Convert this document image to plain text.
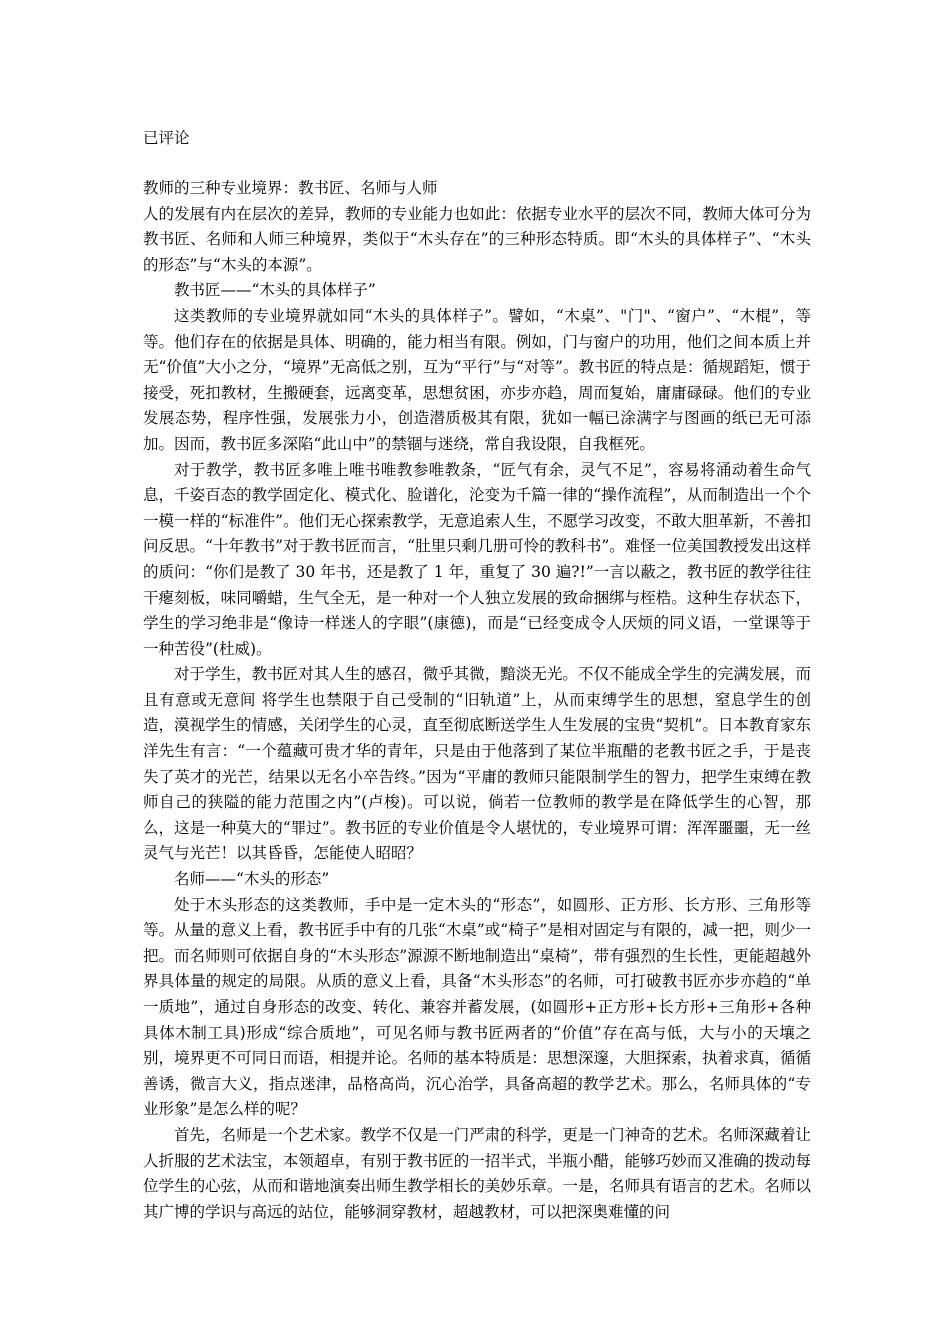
已评论

教师的三种专业境界：教书匠、名师与人师

人的发展有内在层次的差异，教师的专业能力也如此：依据专业水平的层次不同，教师大体可分为教书匠、名师和人师三种境界，类似于“木头存在”的三种形态特质。即“木头的具体样子”、“木头的形态”与“木头的本源”。

教书匠——“木头的具体样子”

这类教师的专业境界就如同“木头的具体样子”。譬如，“木桌”、"门"、“窗户”、“木棍”，等等。他们存在的依据是具体、明确的，能力相当有限。例如，门与窗户的功用，他们之间本质上并无“价值”大小之分，“境界”无高低之别，互为“平行”与“对等”。教书匠的特点是：循规蹈矩，惯于接受，死扣教材，生搬硬套，远离变革，思想贫困，亦步亦趋，周而复始，庸庸碌碌。他们的专业发展态势，程序性强，发展张力小，创造潜质极其有限，犹如一幅已涂满字与图画的纸已无可添加。因而，教书匠多深陷“此山中”的禁锢与迷绕，常自我设限，自我框死。

对于教学，教书匠多唯上唯书唯教参唯教条，“匠气有余，灵气不足”，容易将涌动着生命气息，千姿百态的教学固定化、模式化、脸谱化，沦变为千篇一律的“操作流程”，从而制造出一个个一模一样的“标准件”。他们无心探索教学，无意追索人生，不愿学习改变，不敢大胆革新，不善扣问反思。“十年教书”对于教书匠而言，“肚里只剩几册可怜的教科书”。难怪一位美国教授发出这样的质问：“你们是教了 30 年书，还是教了 1 年，重复了 30 遍?!”一言以蔽之，教书匠的教学往往干瘪刻板，味同嚼蜡，生气全无，是一种对一个人独立发展的致命捆绑与桎梏。这种生存状态下，学生的学习绝非是“像诗一样迷人的字眼”(康德)，而是“已经变成令人厌烦的同义语，一堂课等于一种苦役”(杜威)。

对于学生，教书匠对其人生的感召，微乎其微，黯淡无光。不仅不能成全学生的完满发展，而且有意或无意间 将学生也禁限于自己受制的“旧轨道”上，从而束缚学生的思想，窒息学生的创造，漠视学生的情感，关闭学生的心灵，直至彻底断送学生人生发展的宝贵“契机”。日本教育家东洋先生有言：“一个蕴藏可贵才华的青年，只是由于他落到了某位半瓶醋的老教书匠之手，于是丧失了英才的光芒，结果以无名小卒告终。”因为“平庸的教师只能限制学生的智力，把学生束缚在教师自己的狭隘的能力范围之内”(卢梭)。可以说，倘若一位教师的教学是在降低学生的心智，那么，这是一种莫大的“罪过”。教书匠的专业价值是令人堪忧的，专业境界可谓：浑浑噩噩，无一丝灵气与光芒！以其昏昏，怎能使人昭昭？

名师——“木头的形态”

处于木头形态的这类教师，手中是一定木头的“形态”，如圆形、正方形、长方形、三角形等等。从量的意义上看，教书匠手中有的几张“木桌”或“椅子”是相对固定与有限的，减一把，则少一把。而名师则可依据自身的“木头形态”源源不断地制造出“桌椅”，带有强烈的生长性，更能超越外界具体量的规定的局限。从质的意义上看，具备“木头形态”的名师，可打破教书匠亦步亦趋的“单一质地”，通过自身形态的改变、转化、兼容并蓄发展，(如圆形+正方形+长方形+三角形+各种具体木制工具)形成“综合质地”，可见名师与教书匠两者的“价值”存在高与低，大与小的天壤之别，境界更不可同日而语，相提并论。名师的基本特质是：思想深邃，大胆探索，执着求真，循循善诱，微言大义，指点迷津，品格高尚，沉心治学，具备高超的教学艺术。那么，名师具体的“专业形象”是怎么样的呢？

首先，名师是一个艺术家。教学不仅是一门严肃的科学，更是一门神奇的艺术。名师深藏着让人折服的艺术法宝，本领超卓，有别于教书匠的一招半式，半瓶小醋，能够巧妙而又准确的拨动每位学生的心弦，从而和谐地演奏出师生教学相长的美妙乐章。一是，名师具有语言的艺术。名师以其广博的学识与高远的站位，能够洞穿教材，超越教材，可以把深奥难懂的问
